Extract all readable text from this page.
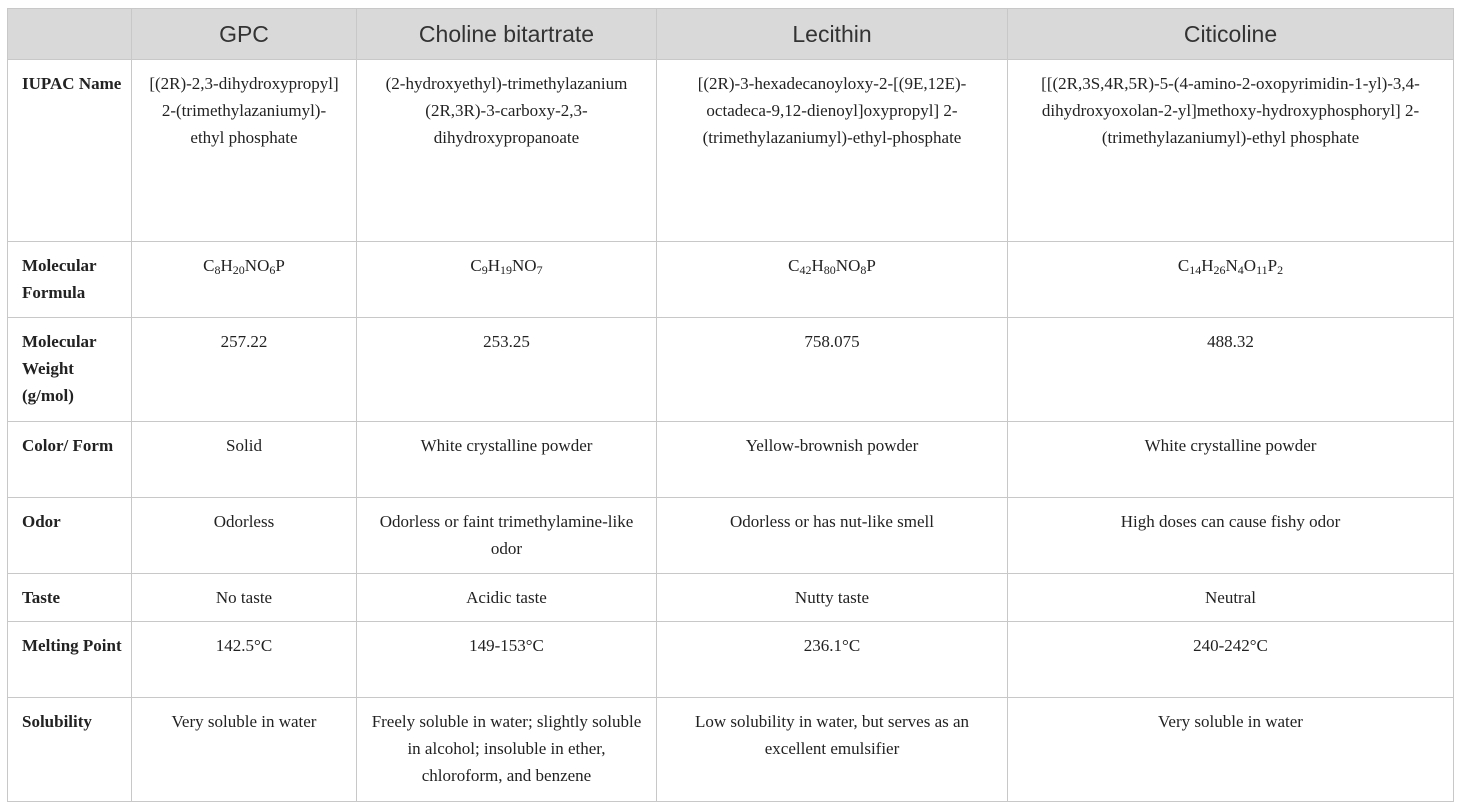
	GPC	Choline bitartrate	Lecithin	Citicoline
IUPAC Name	[(2R)-2,3-dihydroxypropyl] 2-(trimethylazaniumyl)-ethyl phosphate	(2-hydroxyethyl)-trimethylazanium (2R,3R)-3-carboxy-2,3-dihydroxypropanoate	[(2R)-3-hexadecanoyloxy-2-[(9E,12E)-octadeca-9,12-dienoyl]oxypropyl] 2-(trimethylazaniumyl)-ethyl-phosphate	[[(2R,3S,4R,5R)-5-(4-amino-2-oxopyrimidin-1-yl)-3,4-dihydroxyoxolan-2-yl]methoxy-hydroxyphosphoryl] 2-(trimethylazaniumyl)-ethyl phosphate
Molecular Formula	$C_8H_{20}NO_6P$	$C_9H_{19}NO_7$	$C_{42}H_{80}NO_8P$	$C_{14}H_{26}N_4O_{11}P_2$
Molecular Weight (g/mol)	257.22	253.25	758.075	488.32
Color/ Form	Solid	White crystalline powder	Yellow-brownish powder	White crystalline powder
Odor	Odorless	Odorless or faint trimethylamine-like odor	Odorless or has nut-like smell	High doses can cause fishy odor
Taste	No taste	Acidic taste	Nutty taste	Neutral
Melting Point	142.5°C	149-153°C	236.1°C	240-242°C
Solubility	Very soluble in water	Freely soluble in water; slightly soluble in alcohol; insoluble in ether, chloroform, and benzene	Low solubility in water, but serves as an excellent emulsifier	Very soluble in water
